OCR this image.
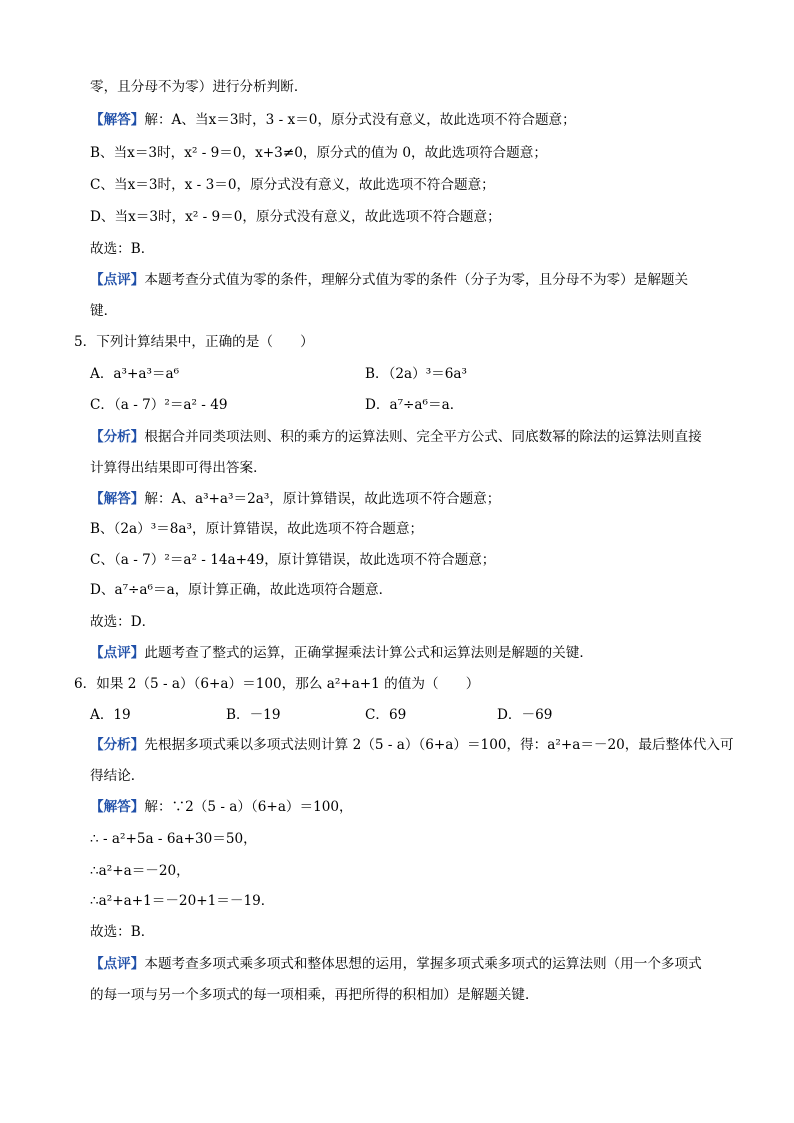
零，且分母不为零）进行分析判断．
【解答】解：A、当x＝3时，3 - x＝0，原分式没有意义，故此选项不符合题意；
B、当x＝3时，x² - 9＝0，x+3≠0，原分式的值为 0，故此选项符合题意；
C、当x＝3时，x - 3＝0，原分式没有意义，故此选项不符合题意；
D、当x＝3时，x² - 9＝0，原分式没有意义，故此选项不符合题意；
故选：B．
【点评】本题考查分式值为零的条件，理解分式值为零的条件（分子为零，且分母不为零）是解题关
键．
5．下列计算结果中，正确的是（　　）
A．a³+a³＝a⁶	B．（2a）³＝6a³
C．（a - 7）²＝a² - 49	D．a⁷÷a⁶＝a．
【分析】根据合并同类项法则、积的乘方的运算法则、完全平方公式、同底数幂的除法的运算法则直接
计算得出结果即可得出答案．
【解答】解：A、a³+a³＝2a³，原计算错误，故此选项不符合题意；
B、（2a）³＝8a³，原计算错误，故此选项不符合题意；
C、（a - 7）²＝a² - 14a+49，原计算错误，故此选项不符合题意；
D、a⁷÷a⁶＝a，原计算正确，故此选项符合题意．
故选：D．
【点评】此题考查了整式的运算，正确掌握乘法计算公式和运算法则是解题的关键．
6．如果 2（5 - a）（6+a）＝100，那么 a²+a+1 的值为（　　）
A．19	B．－19	C．69	D．－69
【分析】先根据多项式乘以多项式法则计算 2（5 - a）（6+a）＝100，得：a²+a＝－20，最后整体代入可
得结论．
【解答】解：∵2（5 - a）（6+a）＝100，
∴ - a²+5a - 6a+30＝50，
∴a²+a＝－20，
∴a²+a+1＝－20+1＝－19．
故选：B．
【点评】本题考查多项式乘多项式和整体思想的运用，掌握多项式乘多项式的运算法则（用一个多项式
的每一项与另一个多项式的每一项相乘，再把所得的积相加）是解题关键．
